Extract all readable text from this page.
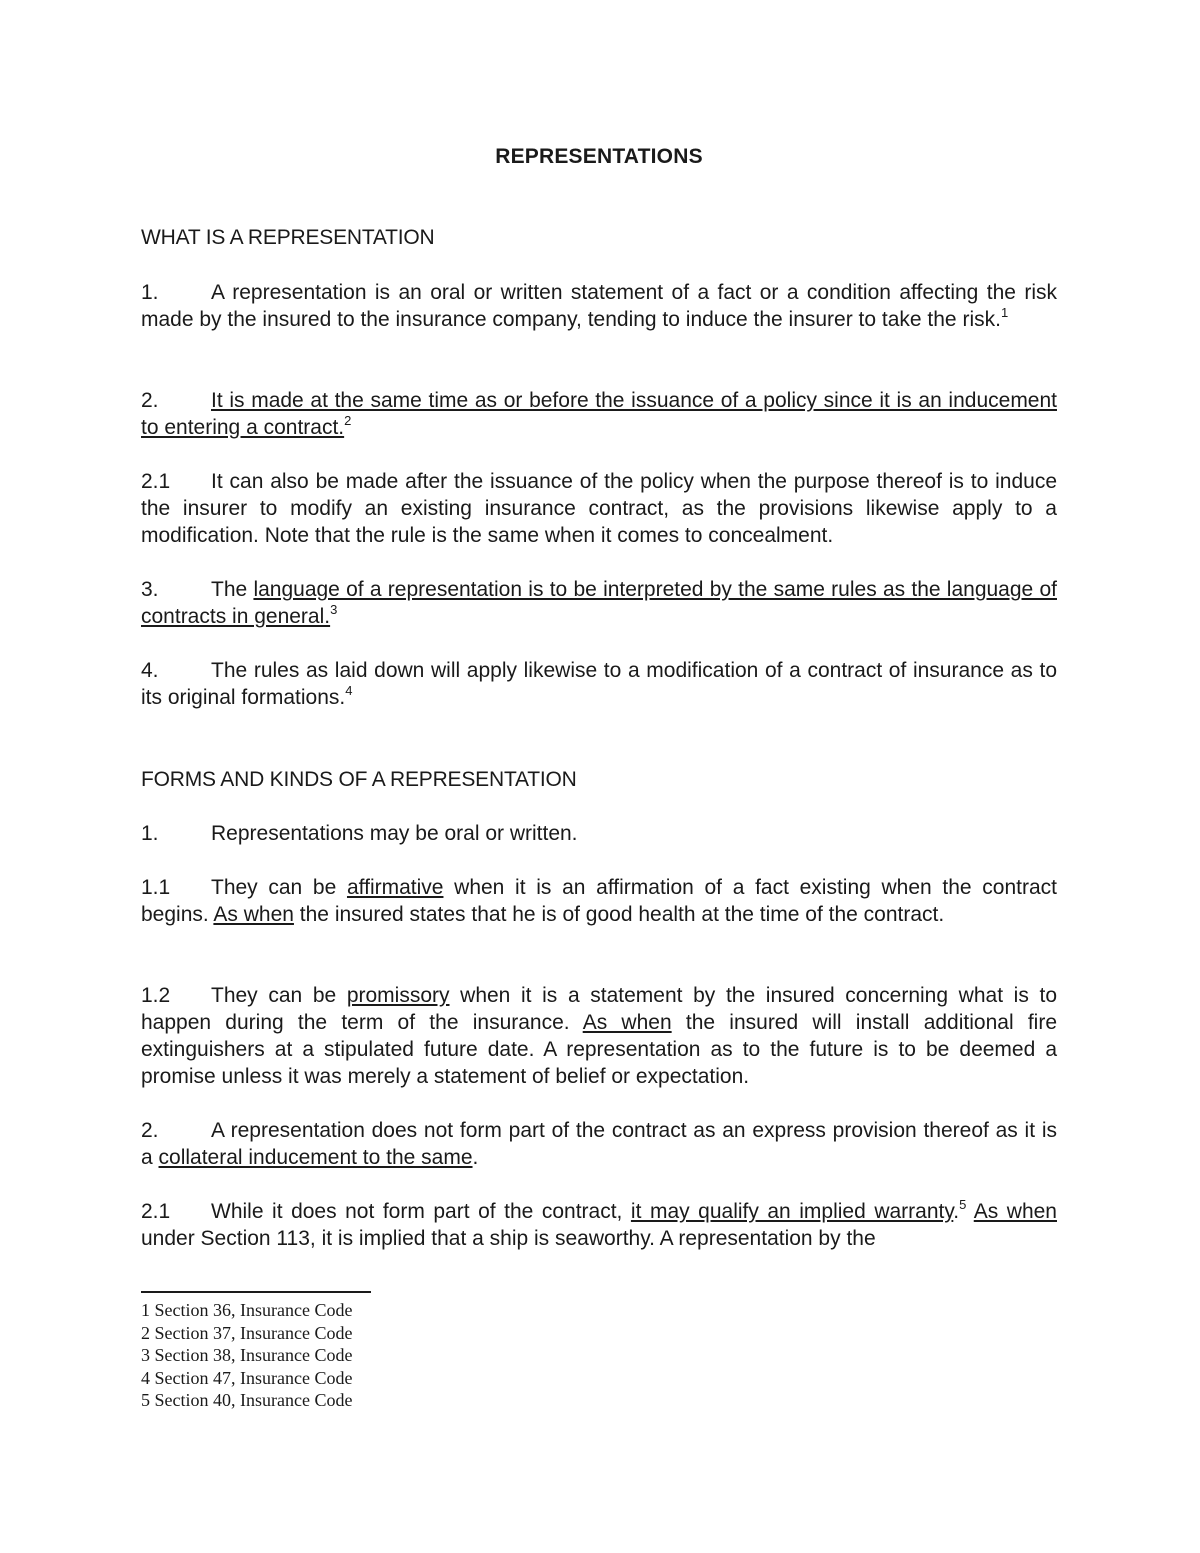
REPRESENTATIONS
WHAT IS A REPRESENTATION
1. A representation is an oral or written statement of a fact or a condition affecting the risk made by the insured to the insurance company, tending to induce the insurer to take the risk.$^1$
2. It is made at the same time as or before the issuance of a policy since it is an inducement to entering a contract.$^2$
2.1 It can also be made after the issuance of the policy when the purpose thereof is to induce the insurer to modify an existing insurance contract, as the provisions likewise apply to a modification. Note that the rule is the same when it comes to concealment.
3. The language of a representation is to be interpreted by the same rules as the language of contracts in general.$^3$
4. The rules as laid down will apply likewise to a modification of a contract of insurance as to its original formations.$^4$
FORMS AND KINDS OF A REPRESENTATION
1. Representations may be oral or written.
1.1 They can be affirmative when it is an affirmation of a fact existing when the contract begins. As when the insured states that he is of good health at the time of the contract.
1.2 They can be promissory when it is a statement by the insured concerning what is to happen during the term of the insurance. As when the insured will install additional fire extinguishers at a stipulated future date. A representation as to the future is to be deemed a promise unless it was merely a statement of belief or expectation.
2. A representation does not form part of the contract as an express provision thereof as it is a collateral inducement to the same.
2.1 While it does not form part of the contract, it may qualify an implied warranty.$^5$ As when under Section 113, it is implied that a ship is seaworthy. A representation by the
1 Section 36, Insurance Code
2 Section 37, Insurance Code
3 Section 38, Insurance Code
4 Section 47, Insurance Code
5 Section 40, Insurance Code
